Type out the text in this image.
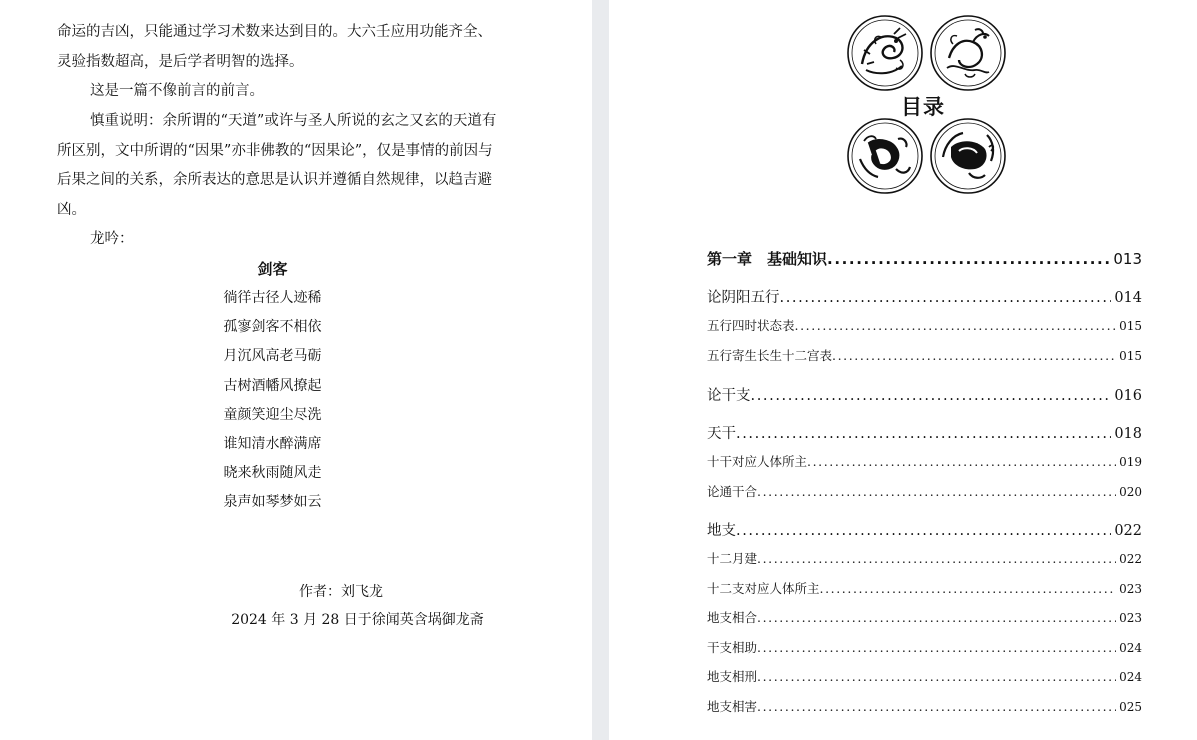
命运的吉凶，只能通过学习术数来达到目的。大六壬应用功能齐全、灵验指数超高，是后学者明智的选择。

这是一篇不像前言的前言。

慎重说明：余所谓的“天道”或许与圣人所说的玄之又玄的天道有所区别，文中所谓的“因果”亦非佛教的“因果论”，仅是事情的前因与后果之间的关系，余所表达的意思是认识并遵循自然规律，以趋吉避凶。

龙吟：

剑客
徜徉古径人迹稀
孤寥剑客不相依
月沉风高老马砺
古树酒幡风撩起
童颜笑迎尘尽洗
谁知清水醉满席
晓来秋雨随风走
泉声如琴梦如云
作者：刘飞龙
2024 年 3 月 28 日于徐闻英含埚御龙斋
目录
第一章　基础知识 .....	013
论阴阳五行 .....	014
五行四时状态表 .....	015
五行寄生长生十二宫表 .....	015
论干支 .....	016
天干 .....	018
十干对应人体所主 .....	019
论通干合 .....	020
地支 .....	022
十二月建 .....	022
十二支对应人体所主 .....	023
地支相合 .....	023
干支相助 .....	024
地支相刑 .....	024
地支相害 .....	025
